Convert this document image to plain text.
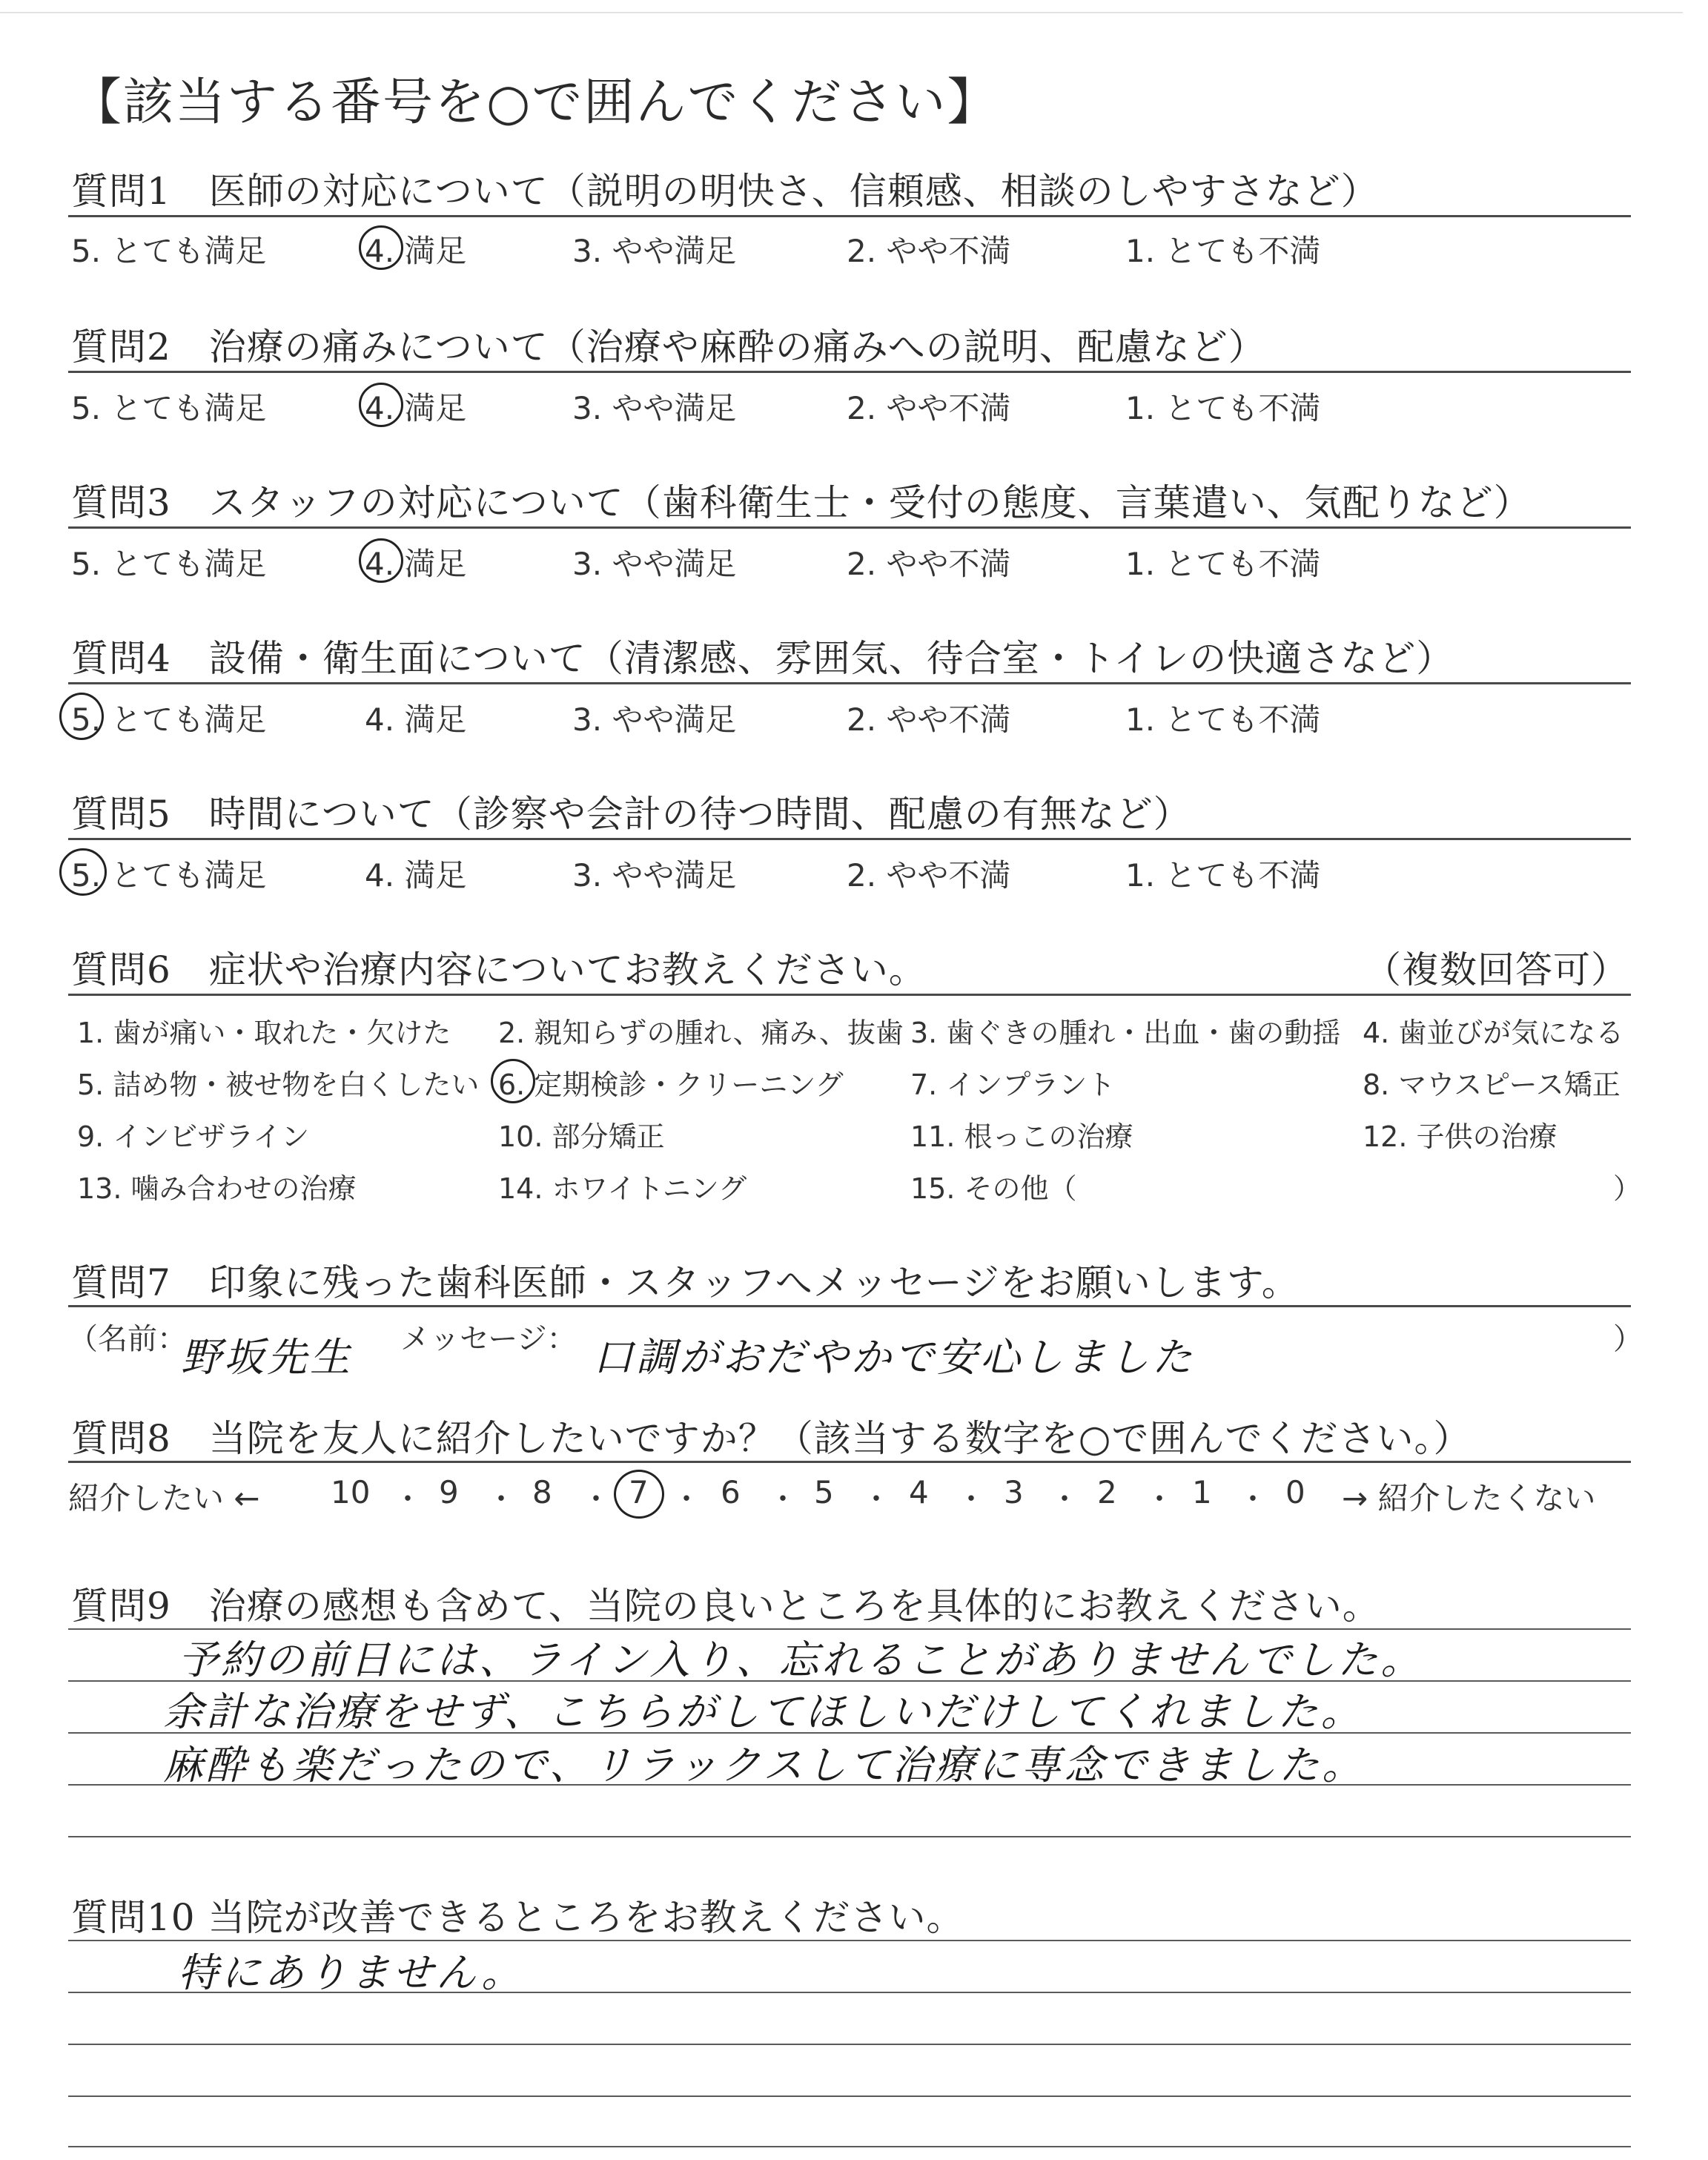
【該当する番号を○で囲んでください】
質問1　医師の対応について（説明の明快さ、信頼感、相談のしやすさなど）
5. とても満足	4. 満足	3. やや満足	2. やや不満	1. とても不満
質問2　治療の痛みについて（治療や麻酔の痛みへの説明、配慮など）
5. とても満足	4. 満足	3. やや満足	2. やや不満	1. とても不満
質問3　スタッフの対応について（歯科衛生士・受付の態度、言葉遣い、気配りなど）
5. とても満足	4. 満足	3. やや満足	2. やや不満	1. とても不満
質問4　設備・衛生面について（清潔感、雰囲気、待合室・トイレの快適さなど）
5. とても満足	4. 満足	3. やや満足	2. やや不満	1. とても不満
質問5　時間について（診察や会計の待つ時間、配慮の有無など）
5. とても満足	4. 満足	3. やや満足	2. やや不満	1. とても不満
質問6　症状や治療内容についてお教えください。	（複数回答可）
1. 歯が痛い・取れた・欠けた 2. 親知らずの腫れ、痛み、抜歯 3. 歯ぐきの腫れ・出血・歯の動揺 4. 歯並びが気になる
5. 詰め物・被せ物を白くしたい 6. 定期検診・クリーニング 7. インプラント	8. マウスピース矯正
9. インビザライン	10. 部分矯正	11. 根っこの治療	12. 子供の治療
13. 噛み合わせの治療	14. ホワイトニング	15. その他（	）
質問7　印象に残った歯科医師・スタッフへメッセージをお願いします。
（名前：
野坂先生 メッセージ： 口調がおだやかで安心しました	）
質問8　当院を友人に紹介したいですか？（該当する数字を○で囲んでください。）
紹介したい ← 10 ・ 9 ・ 8 ・ 7 ・ 6 ・ 5 ・ 4 ・ 3 ・ 2 ・ 1 ・ 0 → 紹介したくない
質問9　治療の感想も含めて、当院の良いところを具体的にお教えください。
予約の前日には、ライン入り、忘れることがありませんでした。
余計な治療をせず、こちらがしてほしいだけしてくれました。
麻酔も楽だったので、リラックスして治療に専念できました。
質問10 当院が改善できるところをお教えください。
特にありません。
